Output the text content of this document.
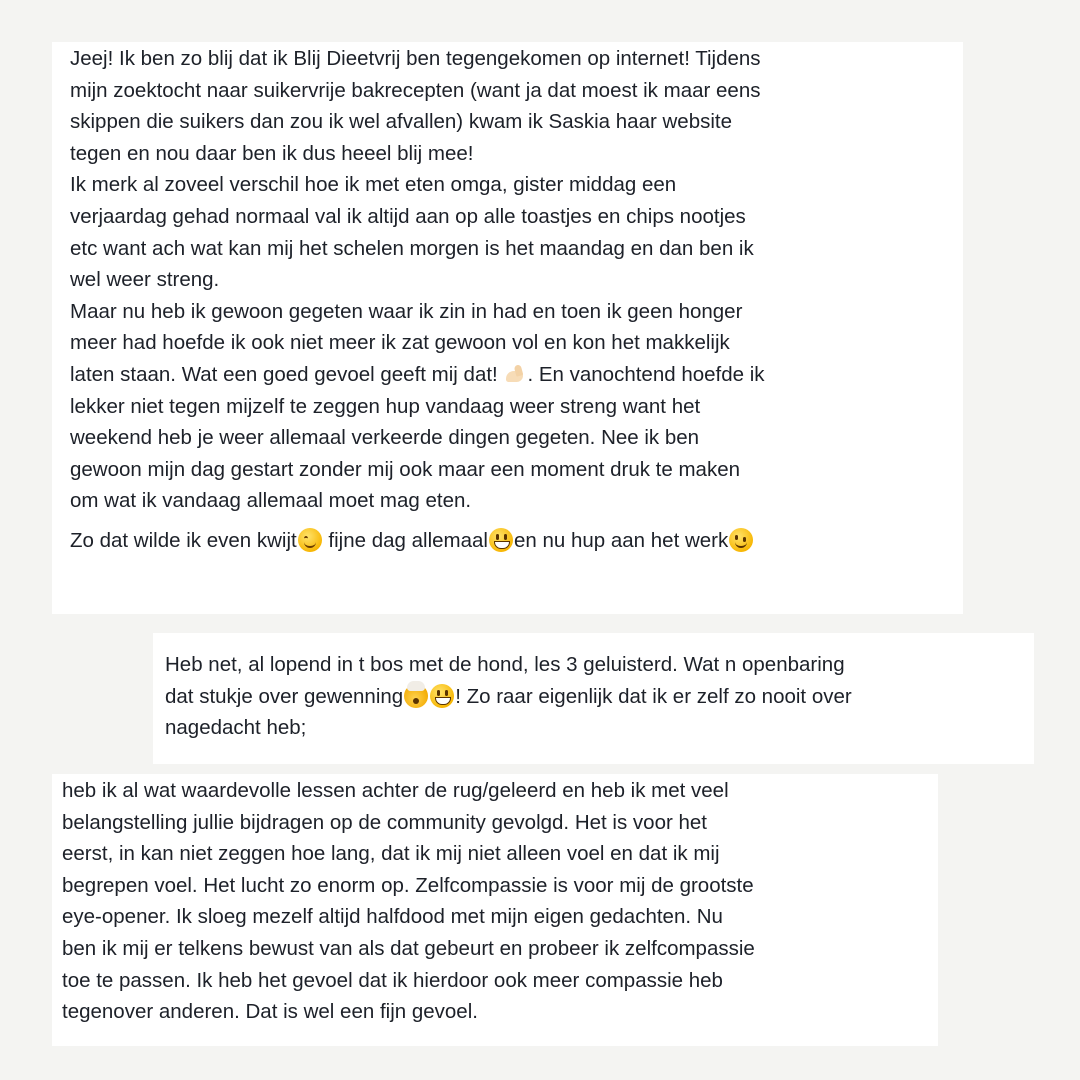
Jeej! Ik ben zo blij dat ik Blij Dieetvrij ben tegengekomen op internet! Tijdens
mijn zoektocht naar suikervrije bakrecepten (want ja dat moest ik maar eens
skippen die suikers dan zou ik wel afvallen) kwam ik Saskia haar website
tegen en nou daar ben ik dus heeel blij mee!
Ik merk al zoveel verschil hoe ik met eten omga, gister middag een
verjaardag gehad normaal val ik altijd aan op alle toastjes en chips nootjes
etc want ach wat kan mij het schelen morgen is het maandag en dan ben ik
wel weer streng.
Maar nu heb ik gewoon gegeten waar ik zin in had en toen ik geen honger
meer had hoefde ik ook niet meer ik zat gewoon vol en kon het makkelijk
laten staan. Wat een goed gevoel geeft mij dat! . En vanochtend hoefde ik
lekker niet tegen mijzelf te zeggen hup vandaag weer streng want het
weekend heb je weer allemaal verkeerde dingen gegeten. Nee ik ben
gewoon mijn dag gestart zonder mij ook maar een moment druk te maken
om wat ik vandaag allemaal moet mag eten.
Zo dat wilde ik even kwijt fijne dag allemaal en nu hup aan het werk
Heb net, al lopend in t bos met de hond, les 3 geluisterd. Wat n openbaring
dat stukje over gewenning	! Zo raar eigenlijk dat ik er zelf zo nooit over
nagedacht heb;
heb ik al wat waardevolle lessen achter de rug/geleerd en heb ik met veel
belangstelling jullie bijdragen op de community gevolgd. Het is voor het
eerst, in kan niet zeggen hoe lang, dat ik mij niet alleen voel en dat ik mij
begrepen voel. Het lucht zo enorm op. Zelfcompassie is voor mij de grootste
eye-opener. Ik sloeg mezelf altijd halfdood met mijn eigen gedachten. Nu
ben ik mij er telkens bewust van als dat gebeurt en probeer ik zelfcompassie
toe te passen. Ik heb het gevoel dat ik hierdoor ook meer compassie heb
tegenover anderen. Dat is wel een fijn gevoel.
